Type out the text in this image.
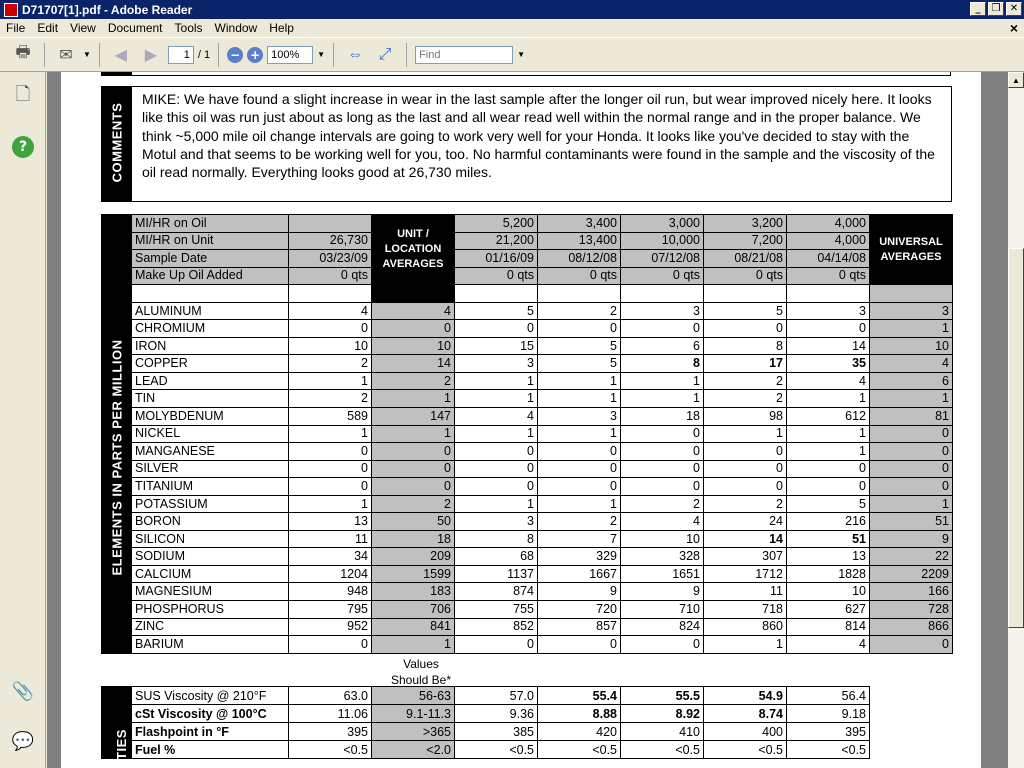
D71707[1].pdf - Adobe Reader	_	❐ ✕
File	Edit	View	Document	Tools	Window	Help	×
🖶	✉	▼	◀	▶
1	/ 1 − +
100%	▼	⇔ ⤢
Find	▼
🗋
?
📎
💬
COMMENTS
MIKE: We have found a slight increase in wear in the last sample after the longer oil run, but wear improved nicely here. It looks like this oil was run just about as long as the last and all wear read well within the normal range and in the proper balance. We think ~5,000 mile oil change intervals are going to work very well for your Honda. It looks like you've decided to stay with the Motul and that seems to be working well for you, too. No harmful contaminants were found in the sample and the viscosity of the oil read normally. Everything looks good at 26,730 miles.
ELEMENTS IN PARTS PER MILLION	MI/HR on Oil		UNIT / LOCATION AVERAGES	5,200	3,400	3,000	3,200	4,000	UNIVERSAL AVERAGES
	MI/HR on Unit	26,730		21,200	13,400	10,000	7,200	4,000	
	Sample Date	03/23/09		01/16/09	08/12/08	07/12/08	08/21/08	04/14/08	
	Make Up Oil Added	0 qts		0 qts	0 qts	0 qts	0 qts	0 qts	

	ALUMINUM	4	4	5	2	3	5	3	3
	CHROMIUM	0	0	0	0	0	0	0	1
	IRON	10	10	15	5	6	8	14	10
	COPPER	2	14	3	5	8	17	35	4
	LEAD	1	2	1	1	1	2	4	6
	TIN	2	1	1	1	1	2	1	1
	MOLYBDENUM	589	147	4	3	18	98	612	81
	NICKEL	1	1	1	1	0	1	1	0
	MANGANESE	0	0	0	0	0	0	1	0
	SILVER	0	0	0	0	0	0	0	0
	TITANIUM	0	0	0	0	0	0	0	0
	POTASSIUM	1	2	1	1	2	2	5	1
	BORON	13	50	3	2	4	24	216	51
	SILICON	11	18	8	7	10	14	51	9
	SODIUM	34	209	68	329	328	307	13	22
	CALCIUM	1204	1599	1137	1667	1651	1712	1828	2209
	MAGNESIUM	948	183	874	9	9	11	10	166
	PHOSPHORUS	795	706	755	720	710	718	627	728
	ZINC	952	841	852	857	824	860	814	866
	BARIUM	0	1	0	0	0	1	4	0
Values
Should Be*
TIES	SUS Viscosity @ 210°F	63.0	56-63	57.0	55.4	55.5	54.9	56.4
	cSt Viscosity @ 100°C	11.06	9.1-11.3	9.36	8.88	8.92	8.74	9.18
	Flashpoint in °F	395	>365	385	420	410	400	395
	Fuel %	<0.5	<2.0	<0.5	<0.5	<0.5	<0.5	<0.5
▲
